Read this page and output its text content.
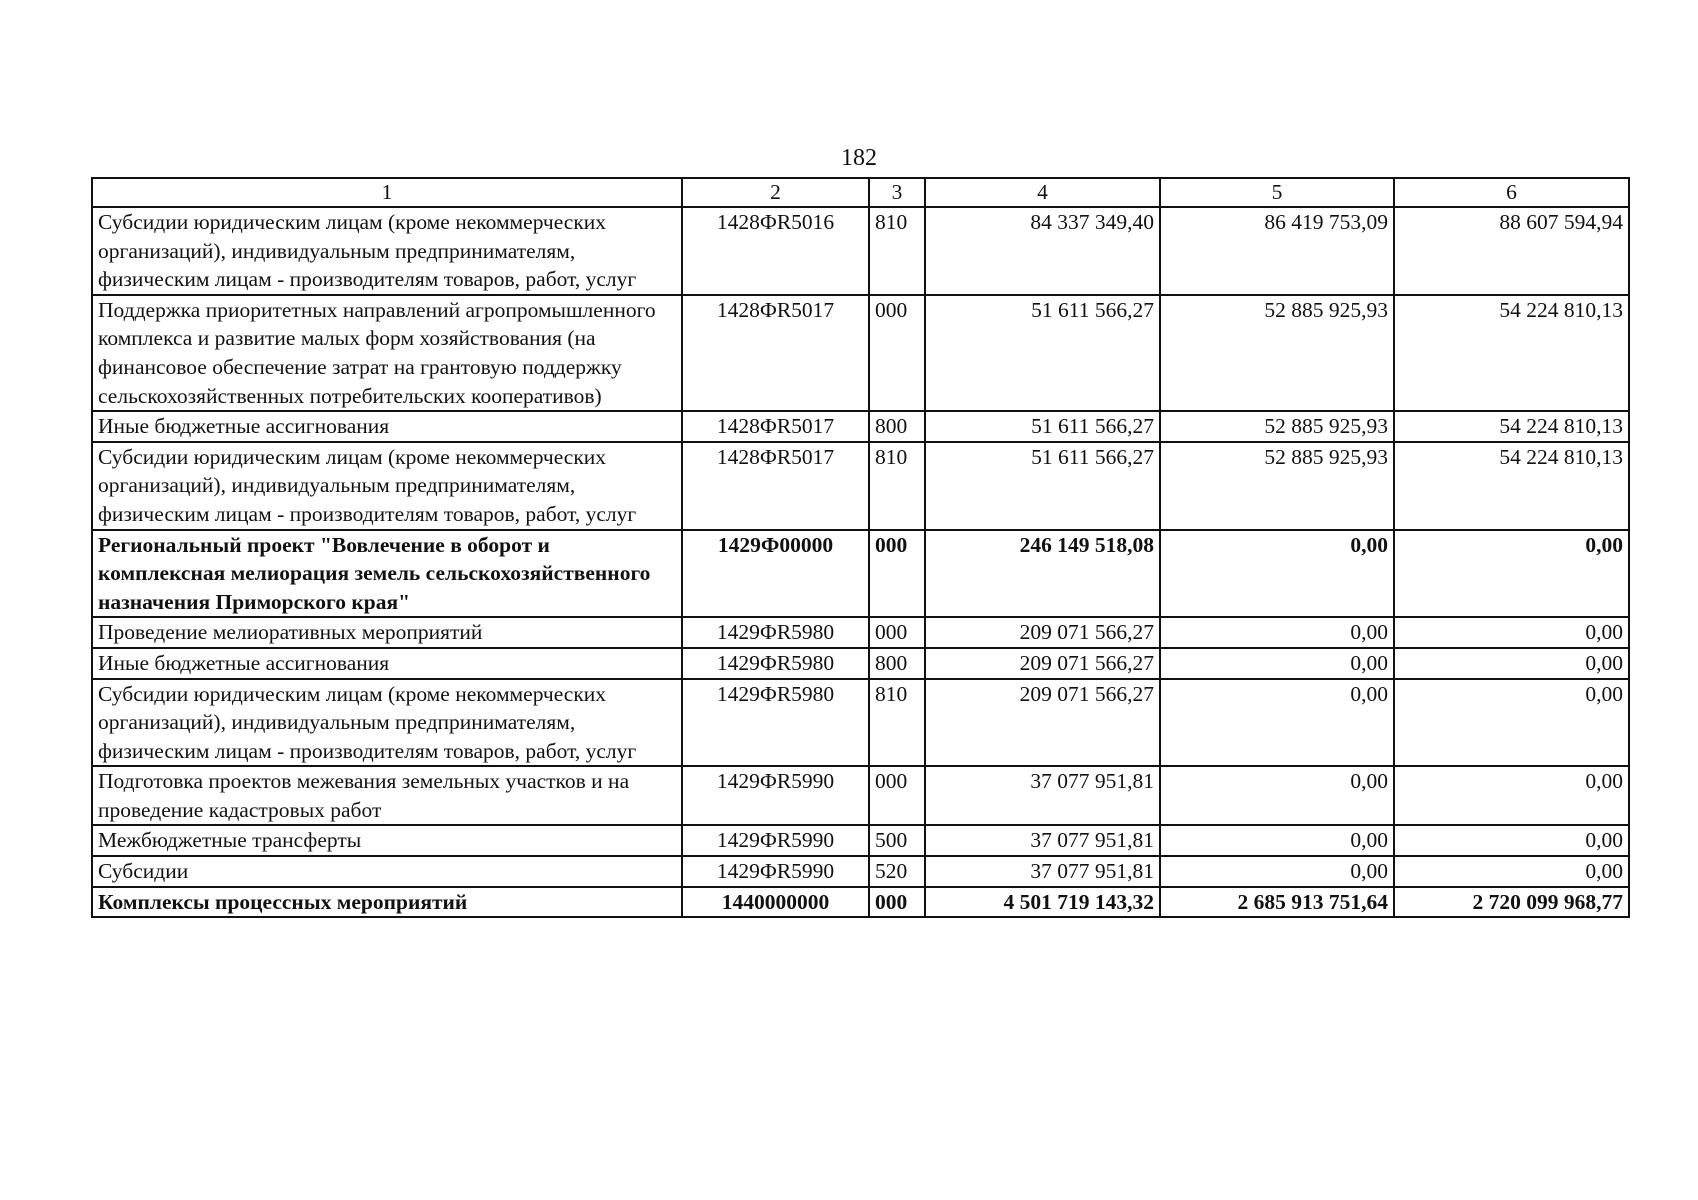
182
1	2	3	4	5	6
Субсидии юридическим лицам (кроме некоммерческих организаций), индивидуальным предпринимателям, физическим лицам - производителям товаров, работ, услуг	1428ФR5016	810	84 337 349,40	86 419 753,09	88 607 594,94
Поддержка приоритетных направлений агропромышленного комплекса и развитие малых форм хозяйствования (на финансовое обеспечение затрат на грантовую поддержку сельскохозяйственных потребительских кооперативов)	1428ФR5017	000	51 611 566,27	52 885 925,93	54 224 810,13
Иные бюджетные ассигнования	1428ФR5017	800	51 611 566,27	52 885 925,93	54 224 810,13
Субсидии юридическим лицам (кроме некоммерческих организаций), индивидуальным предпринимателям, физическим лицам - производителям товаров, работ, услуг	1428ФR5017	810	51 611 566,27	52 885 925,93	54 224 810,13
Региональный проект "Вовлечение в оборот и комплексная мелиорация земель сельскохозяйственного назначения Приморского края"	1429Ф00000	000	246 149 518,08	0,00	0,00
Проведение мелиоративных мероприятий	1429ФR5980	000	209 071 566,27	0,00	0,00
Иные бюджетные ассигнования	1429ФR5980	800	209 071 566,27	0,00	0,00
Субсидии юридическим лицам (кроме некоммерческих организаций), индивидуальным предпринимателям, физическим лицам - производителям товаров, работ, услуг	1429ФR5980	810	209 071 566,27	0,00	0,00
Подготовка проектов межевания земельных участков и на проведение кадастровых работ	1429ФR5990	000	37 077 951,81	0,00	0,00
Межбюджетные трансферты	1429ФR5990	500	37 077 951,81	0,00	0,00
Субсидии	1429ФR5990	520	37 077 951,81	0,00	0,00
Комплексы процессных мероприятий	1440000000	000	4 501 719 143,32	2 685 913 751,64	2 720 099 968,77
